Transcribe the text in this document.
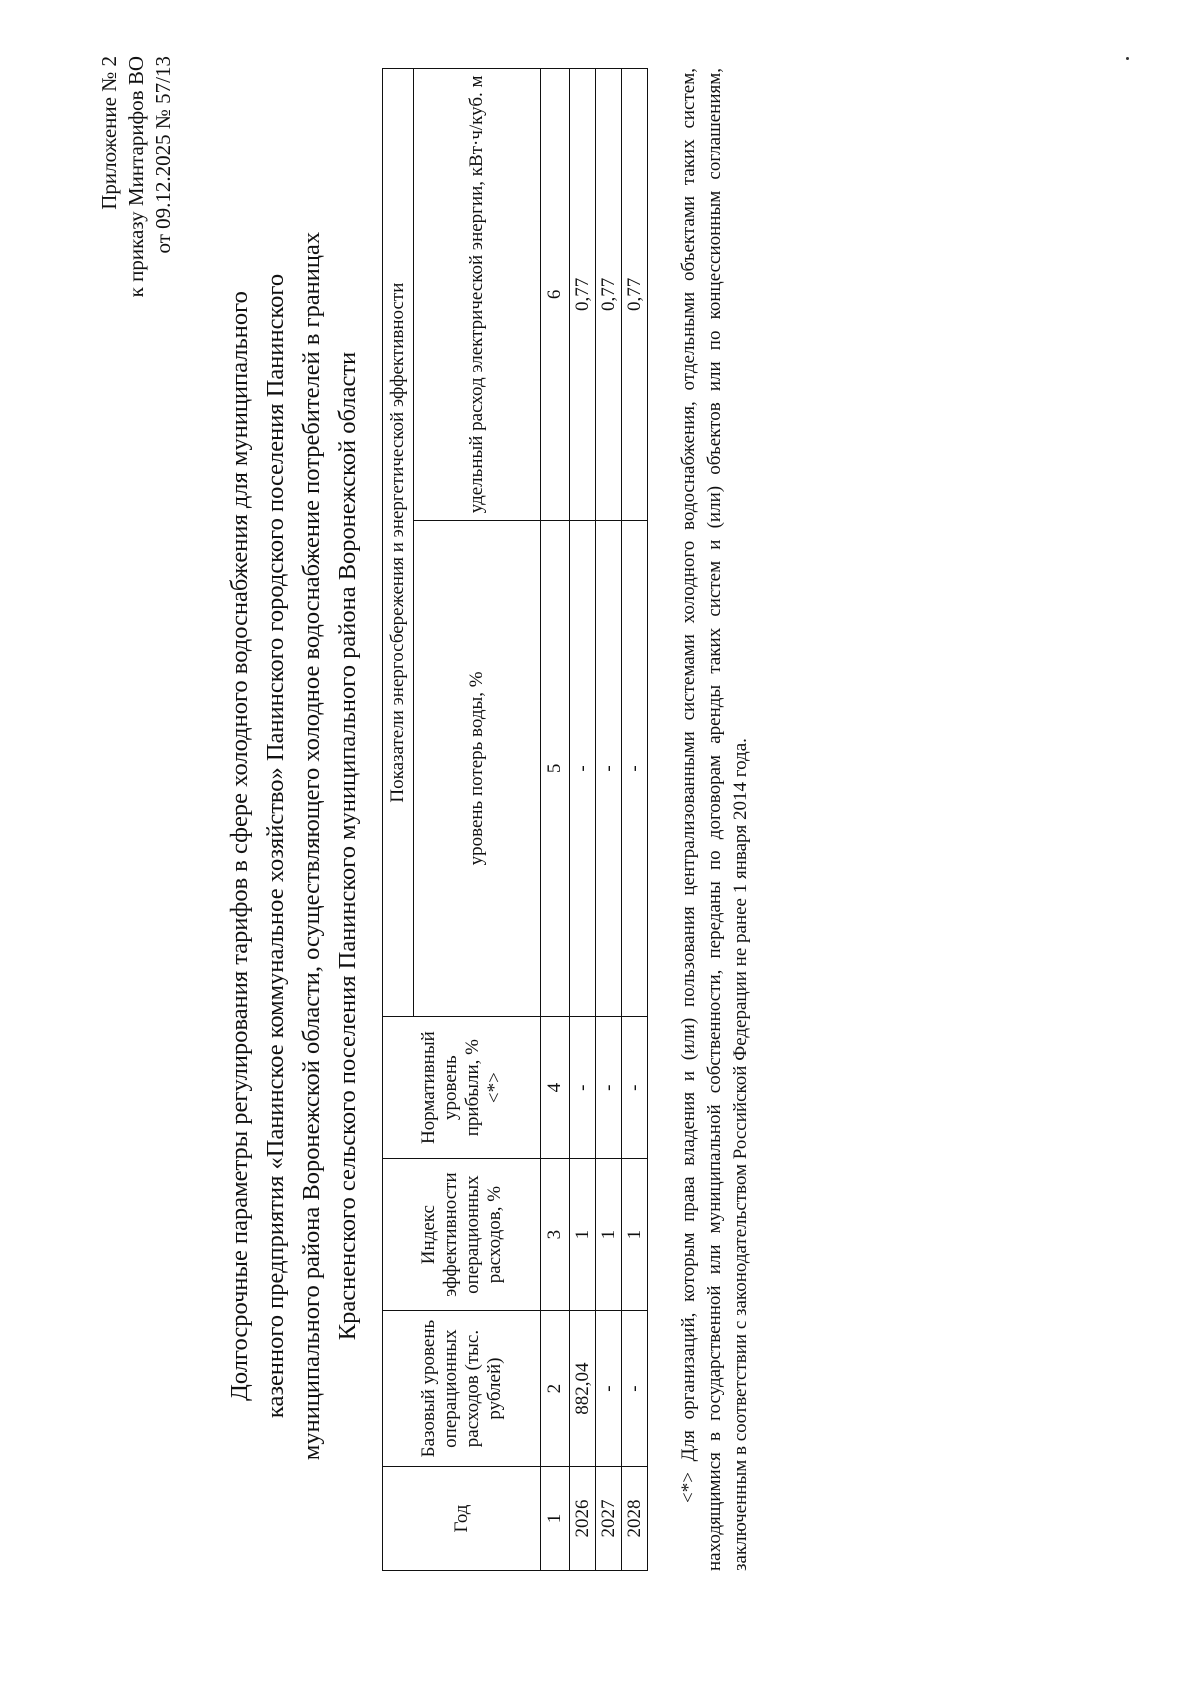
Приложение № 2 к приказу Минтарифов ВО от 09.12.2025 № 57/13
Долгосрочные параметры регулирования тарифов в сфере холодного водоснабжения для муниципального казенного предприятия «Панинское коммунальное хозяйство» Панинского городского поселения Панинского муниципального района Воронежской области, осуществляющего холодное водоснабжение потребителей в границах Красненского сельского поселения Панинского муниципального района Воронежской области
Год	Базовый уровень операционных расходов (тыс. рублей)	Индекс эффективности операционных расходов, %	Нормативный уровень прибыли, % <*>	Показатели энергосбережения и энергетической эффективности	
				уровень потерь воды, %	удельный расход электрической энергии, кВт·ч/куб. м
1	2	3	4	5	6
2026	882,04	1	-	-	0,77
2027	-	1	-	-	0,77
2028	-	1	-	-	0,77 <*> Для организаций, которым права владения и (или) пользования централизованными системами холодного водоснабжения, отдельными объектами таких систем, находящимися в государственной или муниципальной собственности, переданы по договорам аренды таких систем и (или) объектов или по концессионным соглашениям, заключенным в соответствии с законодательством Российской Федерации не ранее 1 января 2014 года.
